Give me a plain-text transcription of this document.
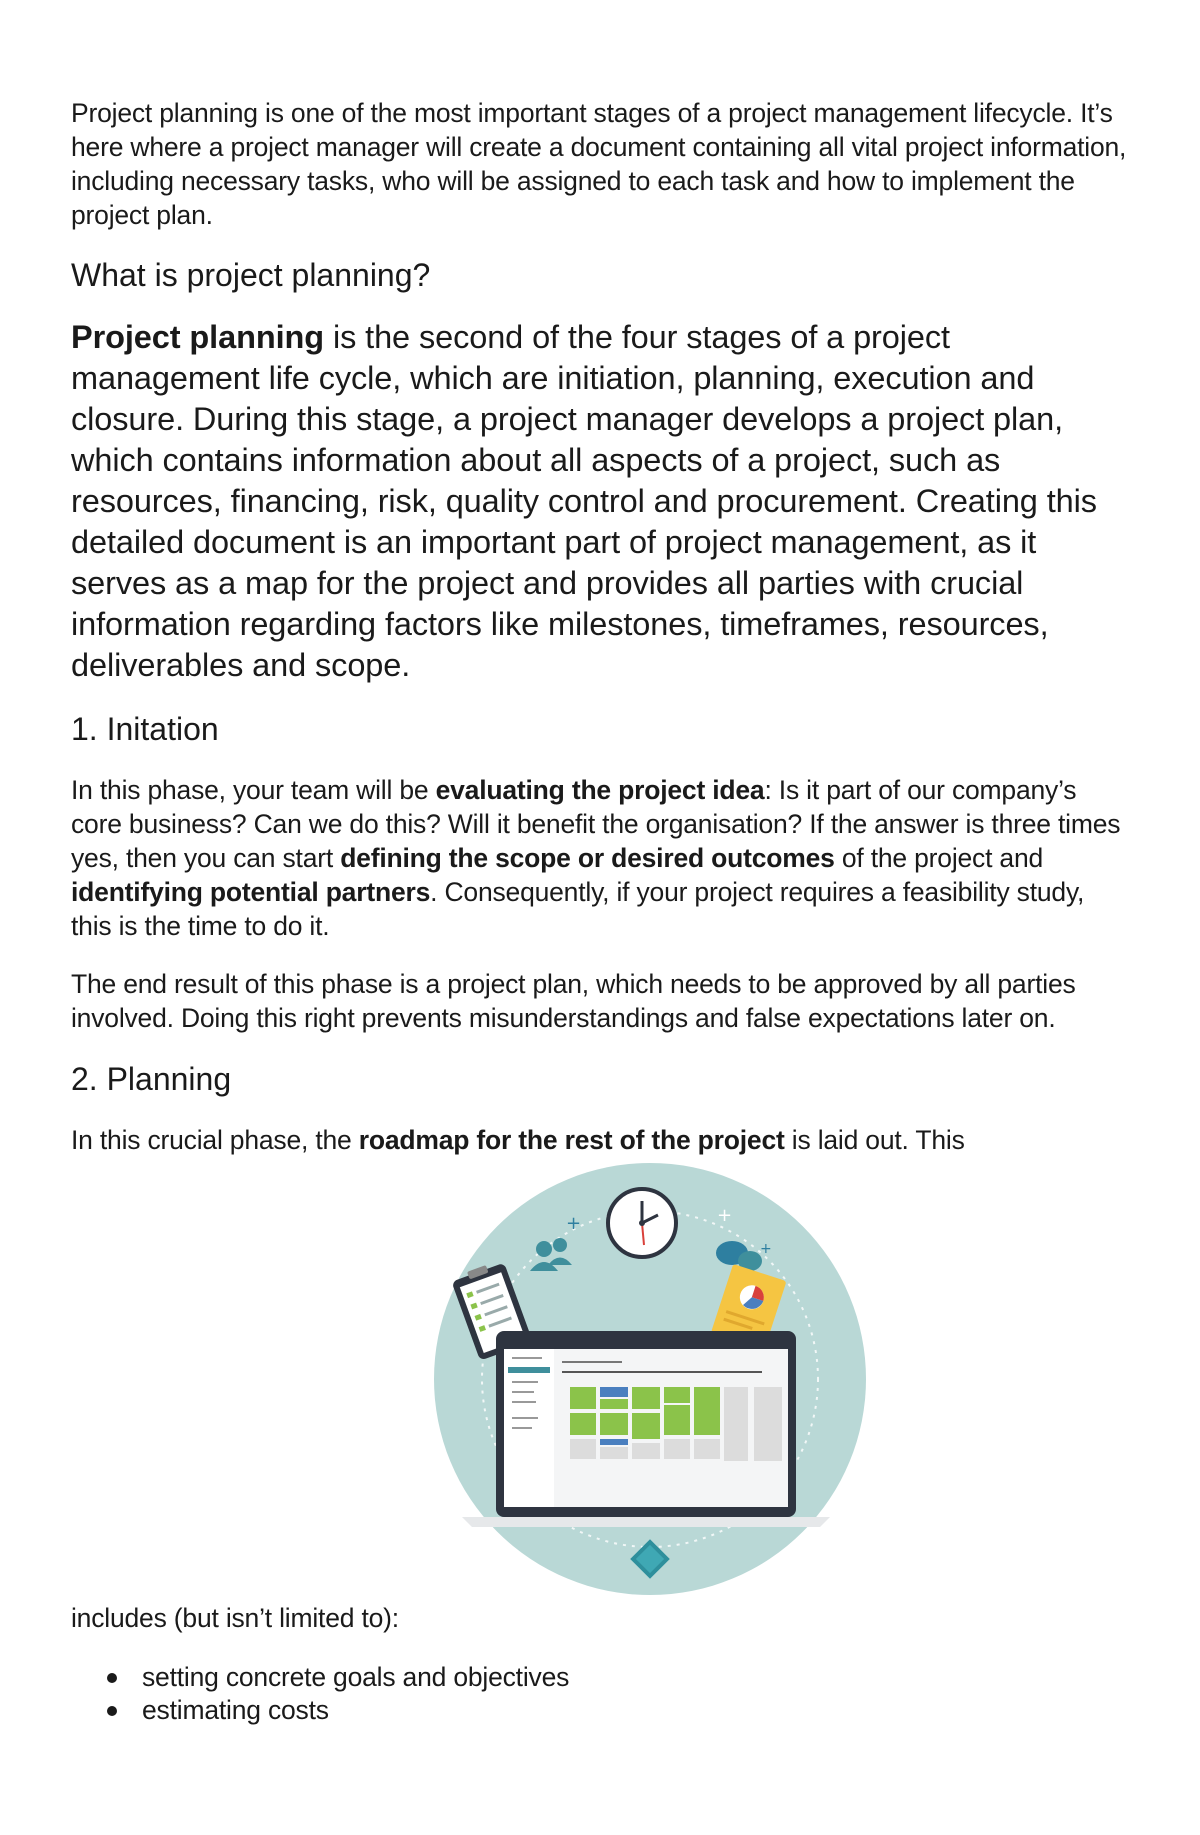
Project planning is one of the most important stages of a project management lifecycle. It’s here where a project manager will create a document containing all vital project information, including necessary tasks, who will be assigned to each task and how to implement the project plan.

What is project planning?

Project planning is the second of the four stages of a project management life cycle, which are initiation, planning, execution and closure. During this stage, a project manager develops a project plan, which contains information about all aspects of a project, such as resources, financing, risk, quality control and procurement. Creating this detailed document is an important part of project management, as it serves as a map for the project and provides all parties with crucial information regarding factors like milestones, timeframes, resources, deliverables and scope.

1. Initation

In this phase, your team will be evaluating the project idea: Is it part of our company’s core business? Can we do this? Will it benefit the organisation? If the answer is three times yes, then you can start defining the scope or desired outcomes of the project and identifying potential partners. Consequently, if your project requires a feasibility study, this is the time to do it.

The end result of this phase is a project plan, which needs to be approved by all parties involved. Doing this right prevents misunderstandings and false expectations later on.

2. Planning

In this crucial phase, the roadmap for the rest of the project is laid out. This

+	+
+

includes (but isn’t limited to):

setting concrete goals and objectives
estimating costs
